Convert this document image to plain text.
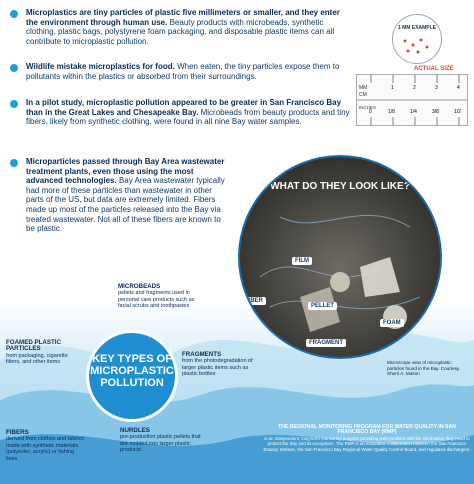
Microplastics are tiny particles of plastic five millimeters or smaller, and they enter the environment through human use. Beauty products with microbeads, synthetic clothing, plastic bags, polystyrene foam packaging, and disposable plastic items can all contribute to microplastic pollution.
Wildlife mistake microplastics for food. When eaten, the tiny particles expose them to pollutants within the plastics or absorbed from their surroundings.
In a pilot study, microplastic pollution appeared to be greater in San Francisco Bay than in the Great Lakes and Chesapeake Bay. Microbeads from beauty products and tiny fibers, likely from synthetic clothing, were found in all nine Bay water samples.
Microparticles passed through Bay Area wastewater treatment plants, even those using the most advanced technologies. Bay Area wastewater typically had more of these particles than wastewater in other parts of the US, but data are extremely limited. Fibers made up most of the particles released into the Bay via treated wastewater. Not all of these fibers are known to be plastic.
1 MM EXAMPLE
ACTUAL SIZE
MM
CM
INCHES
1	2	3	4
0	1/8	1/4	3/8	1/2
WHAT DO THEY LOOK LIKE?
FILM
FIBER
PELLET
FOAM
FRAGMENT
Microscope view of microplastic particles found in the Bay. Courtesy Sherri A. Mason
KEY TYPES OF MICROPLASTIC POLLUTION
MICROBEADS
pellets and fragments used in personal care products such as facial scrubs and toothpastes
FOAMED PLASTIC PARTICLES
from packaging, cigarette filters, and other items
FRAGMENTS
from the photodegradation of larger plastic items such as plastic bottles
FIBERS
derived from clothes and fabrics made with synthetic materials (polyester, acrylic) or fishing lines
NURDLES
pre-production plastic pellets that are molded into larger plastic products
THE REGIONAL MONITORING PROGRAM FOR WATER QUALITY IN SAN FRANCISCO BAY (RMP)
is an independent, long-term monitoring program providing policymakers with the information they need to protect the Bay and its ecosystem. The RMP is an innovative collaboration between the San Francisco Estuary Institute, the San Francisco Bay Regional Water Quality Control Board, and regulated dischargers.
